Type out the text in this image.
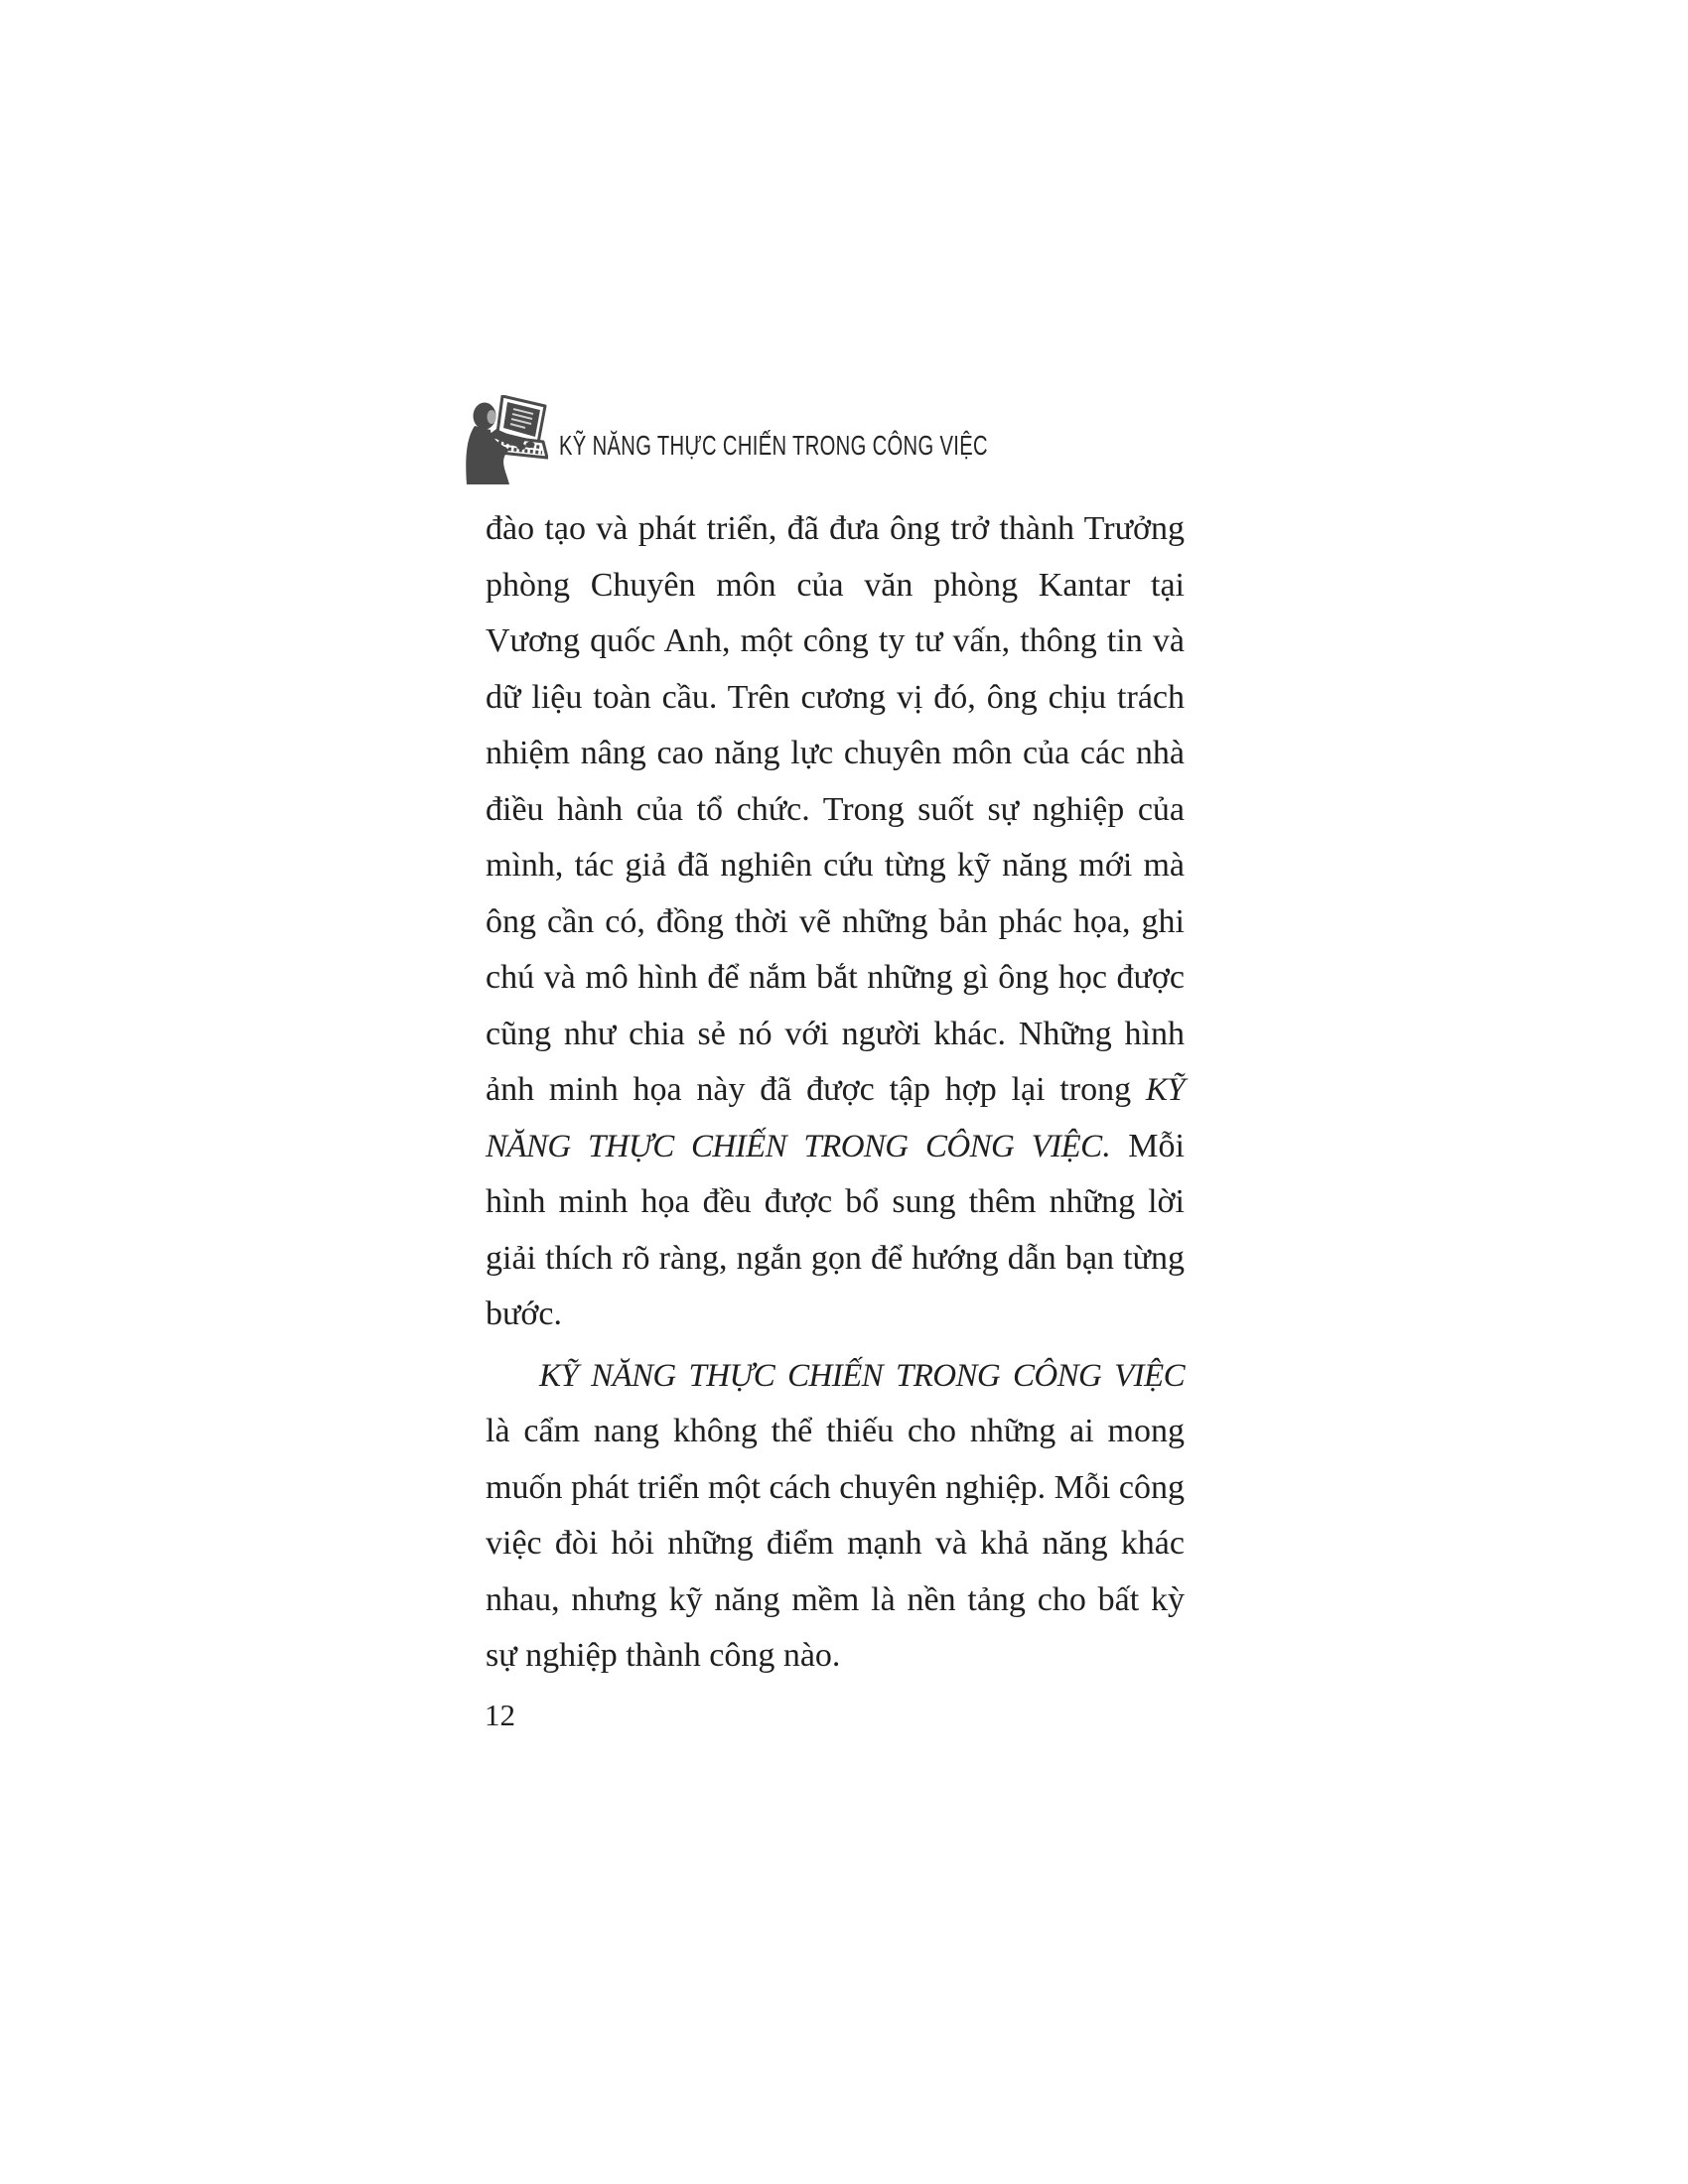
KỸ NĂNG THỰC CHIẾN TRONG CÔNG VIỆC

đào tạo và phát triển, đã đưa ông trở thành Trưởng phòng Chuyên môn của văn phòng Kantar tại Vương quốc Anh, một công ty tư vấn, thông tin và dữ liệu toàn cầu. Trên cương vị đó, ông chịu trách nhiệm nâng cao năng lực chuyên môn của các nhà điều hành của tổ chức. Trong suốt sự nghiệp của mình, tác giả đã nghiên cứu từng kỹ năng mới mà ông cần có, đồng thời vẽ những bản phác họa, ghi chú và mô hình để nắm bắt những gì ông học được cũng như chia sẻ nó với người khác. Những hình ảnh minh họa này đã được tập hợp lại trong KỸ NĂNG THỰC CHIẾN TRONG CÔNG VIỆC. Mỗi hình minh họa đều được bổ sung thêm những lời giải thích rõ ràng, ngắn gọn để hướng dẫn bạn từng bước.

KỸ NĂNG THỰC CHIẾN TRONG CÔNG VIỆC là cẩm nang không thể thiếu cho những ai mong muốn phát triển một cách chuyên nghiệp. Mỗi công việc đòi hỏi những điểm mạnh và khả năng khác nhau, nhưng kỹ năng mềm là nền tảng cho bất kỳ sự nghiệp thành công nào.

12
